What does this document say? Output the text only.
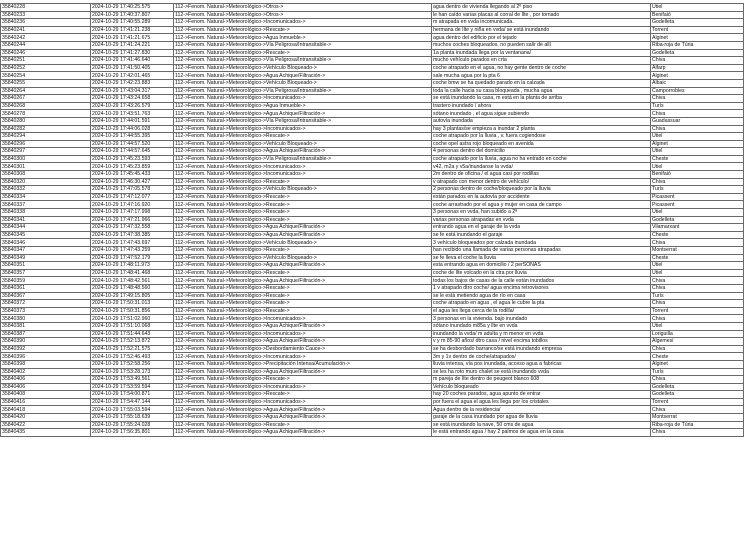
35840228	2024-10-29 17:40:25.575	112->Fenom. Natural->Meteorológico->Otros->	agua dentro de vivienda llegando al 2º piso	Utiel
35840233	2024-10-29 17:40:37.807	112->Fenom. Natural->Meteorológico->Otros->	le han caído varias placas al corral de Ilte , por tornado	Benifaió
35840236	2024-10-29 17:40:55.289	112->Fenom. Natural->Meteorológico->Incomunicados->	m atrapada en vvda incomunicada.	Godelleta
35840241	2024-10-29 17:41:21.238	112->Fenom. Natural->Meteorológico->Rescate->	hermana de Ilte y niña en vvda/ se está inundando	Torrent
35840242	2024-10-29 17:41:21.675	112->Fenom. Natural->Meteorológico->Agua Inmueble->	agua dentro del edificio por el tejado	Alginet
35840244	2024-10-29 17:41:24.221	112->Fenom. Natural->Meteorológico->Vía Peligrosa/Intransitable->	muchos coches bloqueados, no pueden salir de allí	Riba-roja de Túria
35840246	2024-10-29 17:41:27.830	112->Fenom. Natural->Meteorológico->Rescate->	1a planta inundada llega por la ventanana/	Godelleta
35840251	2024-10-29 17:41:46.640	112->Fenom. Natural->Meteorológico->Vía Peligrosa/Intransitable->	mucho vehículo parados en crta	Chiva
35840252	2024-10-29 17:41:50.405	112->Fenom. Natural->Meteorológico->Vehículo Bloqueado->	coche atrapado en el agua, no hay gente dentro de coche	Alfarp
35840254	2024-10-29 17:42:01.465	112->Fenom. Natural->Meteorológico->Agua Achique/Filtración->	sale mucha agua por la pta 6	Alginet
35840255	2024-10-29 17:42:23.883	112->Fenom. Natural->Meteorológico->Vehículo Bloqueado->	coche bmw se ha quedado parado en la calzada	Albaic
35840264	2024-10-29 17:43:04.317	112->Fenom. Natural->Meteorológico->Vía Peligrosa/Intransitable->	toda la calle hacia su casa bloqueada , mucha agua	Camporrobles
35840267	2024-10-29 17:43:24.658	112->Fenom. Natural->Meteorológico->Incomunicados->	se está inundando la casa, m está en la planta de arriba	Chiva
35840268	2024-10-29 17:43:26.579	112->Fenom. Natural->Meteorológico->Agua Inmueble->	trastero inundado / ahora	Turís
35840278	2024-10-29 17:43:51.763	112->Fenom. Natural->Meteorológico->Agua Achique/Filtración->	sótano inundado , el agua sigue subiendo	Chiva
35840280	2024-10-29 17:44:01.591	112->Fenom. Natural->Meteorológico->Vía Peligrosa/Intransitable->	autovía inundada	Guadassuar
35840282	2024-10-29 17:44:06.028	112->Fenom. Natural->Meteorológico->Incomunicados->	hay 3 plantas/se empieza a inundar 2 planta	Chiva
35840294	2024-10-29 17:44:55.395	112->Fenom. Natural->Meteorológico->Rescate->	coche atrapado por la lluvia , v. fuera cogiendose	Utiel
35840296	2024-10-29 17:44:57.520	112->Fenom. Natural->Meteorológico->Vehículo Bloqueado->	coche opel astra rojo bloqueado en avenida	Alginet
35840297	2024-10-29 17:44:57.645	112->Fenom. Natural->Meteorológico->Agua Achique/Filtración->	4 personas dentro del domicilio	Utiel
35840300	2024-10-29 17:45:23.593	112->Fenom. Natural->Meteorológico->Vía Peligrosa/Intransitable->	coche atrapado por la lluvia, agua no ha entrado en coche	Cheste
35840301	2024-10-29 17:45:23.859	112->Fenom. Natural->Meteorológico->Incomunicados->	v42, m2a y v5a/inundanse la vvda/	Utiel
35840308	2024-10-29 17:45:45.433	112->Fenom. Natural->Meteorológico->Incomunicados->	2m dentro de oficina / el agua casi por rodillas	Benifaió
35840320	2024-10-29 17:46:30.427	112->Fenom. Natural->Meteorológico->Rescate->	v atrapado con menor dentro de vehículo/	Chiva
35840332	2024-10-29 17:47:05.578	112->Fenom. Natural->Meteorológico->Vehículo Bloqueado->	2 personas dentro de coche/bloqueado por la lluvia	Turís
35840334	2024-10-29 17:47:12.077	112->Fenom. Natural->Meteorológico->Rescate->	están parados en la autovía por accidente	Picassent
35840337	2024-10-29 17:47:16.920	112->Fenom. Natural->Meteorológico->Rescate->	coche arrastrado por el agua y mujer en casa de campo	Picassent
35840338	2024-10-29 17:47:17.998	112->Fenom. Natural->Meteorológico->Rescate->	3 personas en vvda, han subido a 2ª	Utiel
35840341	2024-10-29 17:47:21.966	112->Fenom. Natural->Meteorológico->Rescate->	varias personas atrapadas en vvda	Godelleta
35840344	2024-10-29 17:47:32.558	112->Fenom. Natural->Meteorológico->Agua Achique/Filtración->	entrando agua en el garaje de la vvda	Vilamarxant
35840345	2024-10-29 17:47:38.385	112->Fenom. Natural->Meteorológico->Agua Achique/Filtración->	se fe está inundando el garaje	Cheste
35840346	2024-10-29 17:47:43.697	112->Fenom. Natural->Meteorológico->Vehículo Bloqueado->	3 vehículo bloqueados por calzada inundada	Chiva
35840347	2024-10-29 17:47:43.259	112->Fenom. Natural->Meteorológico->Rescate->	han recibido una llamada de varias personas atrapadas	Montserrat
35840349	2024-10-29 17:47:52.179	112->Fenom. Natural->Meteorológico->Vehículo Bloqueado->	se fe lleva el coche la lluvia	Cheste
35840351	2024-10-29 17:48:11.973	112->Fenom. Natural->Meteorológico->Agua Achique/Filtración->	esta entrando agua en domicilio / 2 perSONAS	Utiel
35840357	2024-10-29 17:48:41.468	112->Fenom. Natural->Meteorológico->Rescate->	coche de Ilte volcado en la ctra por lluvia	Utiel
35840359	2024-10-29 17:48:42.561	112->Fenom. Natural->Meteorológico->Agua Achique/Filtración->	todas los bajos de casas de la calle están inundados	Chiva
35840361	2024-10-29 17:48:48.560	112->Fenom. Natural->Meteorológico->Rescate->	1 v atrapado dtro coche/ agua encima retrovisores	Chiva
35840367	2024-10-29 17:49:15.805	112->Fenom. Natural->Meteorológico->Rescate->	se le está metiendo agua de río en casa	Turís
35840372	2024-10-29 17:50:31.013	112->Fenom. Natural->Meteorológico->Rescate->	coche atrapado en agua , el agua le cubre la pta	Chiva
35840373	2024-10-29 17:50:31.856	112->Fenom. Natural->Meteorológico->Rescate->	el agua les llega cerca de la rodilla/	Torrent
35840380	2024-10-29 17:51:02.960	112->Fenom. Natural->Meteorológico->Incomunicados->	3 personas en la vivienda. bajo inundado	Chiva
35840381	2024-10-29 17:51:10.068	112->Fenom. Natural->Meteorológico->Agua Achique/Filtración->	sótano inundado m85a y llte en vvda	Utiel
35840387	2024-10-29 17:51:44.643	112->Fenom. Natural->Meteorológico->Incomunicados->	inundando la vvda/ m adulta y m menor en vvda	Loriguilla
35840390	2024-10-29 17:52:13.872	112->Fenom. Natural->Meteorológico->Agua Achique/Filtración->	v y m 85-90 años/ dtro casa / nivel encima tobillos	Algemesí
35840392	2024-10-29 17:52:21.575	112->Fenom. Natural->Meteorológico->Desbordamiento Cauce->	se ha desbordado barranco/se está inundando empresa	Chiva
35840396	2024-10-29 17:52:46.493	112->Fenom. Natural->Meteorológico->Incomunicados->	3m y 1v dentro de coche/atrapados/	Cheste
35840398	2024-10-29 17:52:58.256	112->Fenom. Natural->Meteorológico->Precipitación Intensa/Acumulación->	lluvia intensa, vía pos inundada, acceso agua a fabricas	Alginet
35840402	2024-10-29 17:53:28.173	112->Fenom. Natural->Meteorológico->Agua Achique/Filtración->	se les ha roto muro chalet se está inundando vvda	Turís
35840406	2024-10-29 17:53:49.561	112->Fenom. Natural->Meteorológico->Rescate->	m pareja de Ilte dentro de peugeot blanco 608	Chiva
35840406	2024-10-29 17:53:59.594	112->Fenom. Natural->Meteorológico->Incomunicados->	Vehículo bloqueado	Godelleta
35840408	2024-10-29 17:54:00.871	112->Fenom. Natural->Meteorológico->Rescate->	hay 20 coches parados, agua apunto de entrar	Godelleta
35840416	2024-10-29 17:54:47.144	112->Fenom. Natural->Meteorológico->Incomunicados->	por fuera el agua el agua les llega por los cristales	Torrent
35840418	2024-10-29 17:55:03.594	112->Fenom. Natural->Meteorológico->Agua Achique/Filtración->	Agua dentro de la residencia/	Chiva
35840420	2024-10-29 17:55:18.639	112->Fenom. Natural->Meteorológico->Agua Achique/Filtración->	garaje de la casa inundado por agua de lluvia	Montserrat
35840422	2024-10-29 17:55:24.028	112->Fenom. Natural->Meteorológico->Rescate->	se está inundando la nave, 50 cms de agua	Riba-roja de Túria
35840435	2024-10-29 17:56:35.801	112->Fenom. Natural->Meteorológico->Agua Achique/Filtración->	le está entrando agua / hay 2 palmos de agua en la casa	Chiva
